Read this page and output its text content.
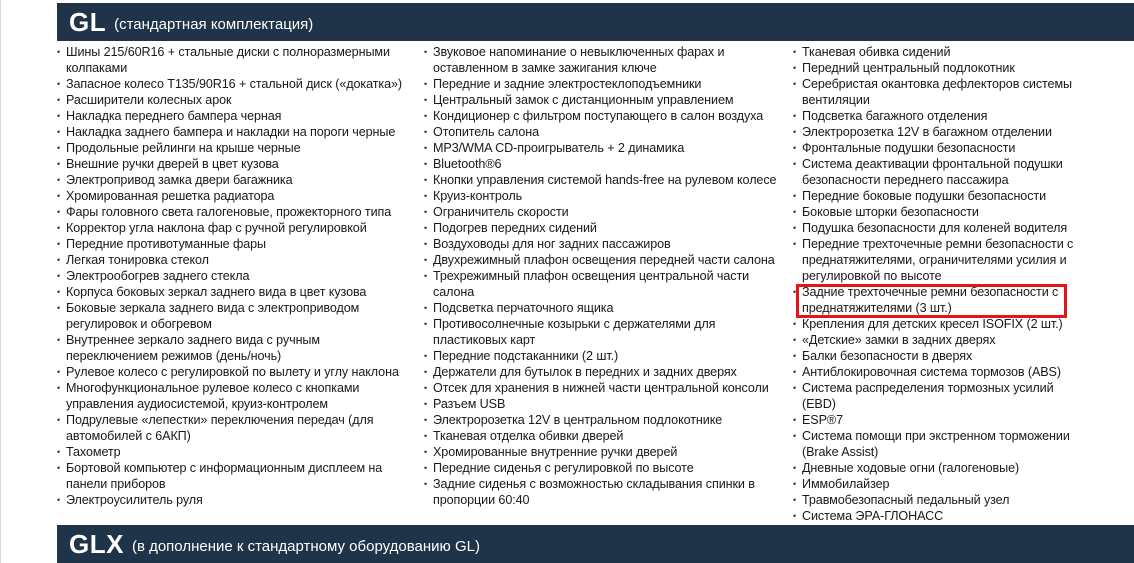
GL (стандартная комплектация)
• Шины 215/60R16 + стальные диски с полноразмерными колпаками
• Запасное колесо T135/90R16 + стальной диск («докатка»)
• Расширители колесных арок
• Накладка переднего бампера черная
• Накладка заднего бампера и накладки на пороги черные
• Продольные рейлинги на крыше черные
• Внешние ручки дверей в цвет кузова
• Электропривод замка двери багажника
• Хромированная решетка радиатора
• Фары головного света галогеновые, прожекторного типа
• Корректор угла наклона фар с ручной регулировкой
• Передние противотуманные фары
• Легкая тонировка стекол
• Электрообогрев заднего стекла
• Корпуса боковых зеркал заднего вида в цвет кузова
• Боковые зеркала заднего вида с электроприводом регулировок и обогревом
• Внутреннее зеркало заднего вида с ручным переключением режимов (день/ночь)
• Рулевое колесо с регулировкой по вылету и углу наклона
• Многофункциональное рулевое колесо с кнопками управления аудиосистемой, круиз-контролем
• Подрулевые «лепестки» переключения передач (для автомобилей с 6АКП)
• Тахометр
• Бортовой компьютер с информационным дисплеем на панели приборов
• Электроусилитель руля
• Звуковое напоминание о невыключенных фарах и оставленном в замке зажигания ключе
• Передние и задние электростеклоподъемники
• Центральный замок с дистанционным управлением
• Кондиционер с фильтром поступающего в салон воздуха
• Отопитель салона
• MP3/WMA CD-проигрыватель + 2 динамика
• Bluetooth®6
• Кнопки управления системой hands-free на рулевом колесе
• Круиз-контроль
• Ограничитель скорости
• Подогрев передних сидений
• Воздуховоды для ног задних пассажиров
• Двухрежимный плафон освещения передней части салона
• Трехрежимный плафон освещения центральной части салона
• Подсветка перчаточного ящика
• Противосолнечные козырьки с держателями для пластиковых карт
• Передние подстаканники (2 шт.)
• Держатели для бутылок в передних и задних дверях
• Отсек для хранения в нижней части центральной консоли
• Разъем USB
• Электророзетка 12V в центральном подлокотнике
• Тканевая отделка обивки дверей
• Хромированные внутренние ручки дверей
• Передние сиденья с регулировкой по высоте
• Задние сиденья с возможностью складывания спинки в пропорции 60:40
• Тканевая обивка сидений
• Передний центральный подлокотник
• Серебристая окантовка дефлекторов системы вентиляции
• Подсветка багажного отделения
• Электророзетка 12V в багажном отделении
• Фронтальные подушки безопасности
• Система деактивации фронтальной подушки безопасности переднего пассажира
• Передние боковые подушки безопасности
• Боковые шторки безопасности
• Подушка безопасности для коленей водителя
• Передние трехточечные ремни безопасности с преднатяжителями, ограничителями усилия и регулировкой по высоте
• Задние трехточечные ремни безопасности с преднатяжителями (3 шт.)
• Крепления для детских кресел ISOFIX (2 шт.)
• «Детские» замки в задних дверях
• Балки безопасности в дверях
• Антиблокировочная система тормозов (ABS)
• Система распределения тормозных усилий (EBD)
• ESP®7
• Система помощи при экстренном торможении (Brake Assist)
• Дневные ходовые огни (галогеновые)
• Иммобилайзер
• Травмобезопасный педальный узел
• Система ЭРА-ГЛОНАСС
GLX (в дополнение к стандартному оборудованию GL)
